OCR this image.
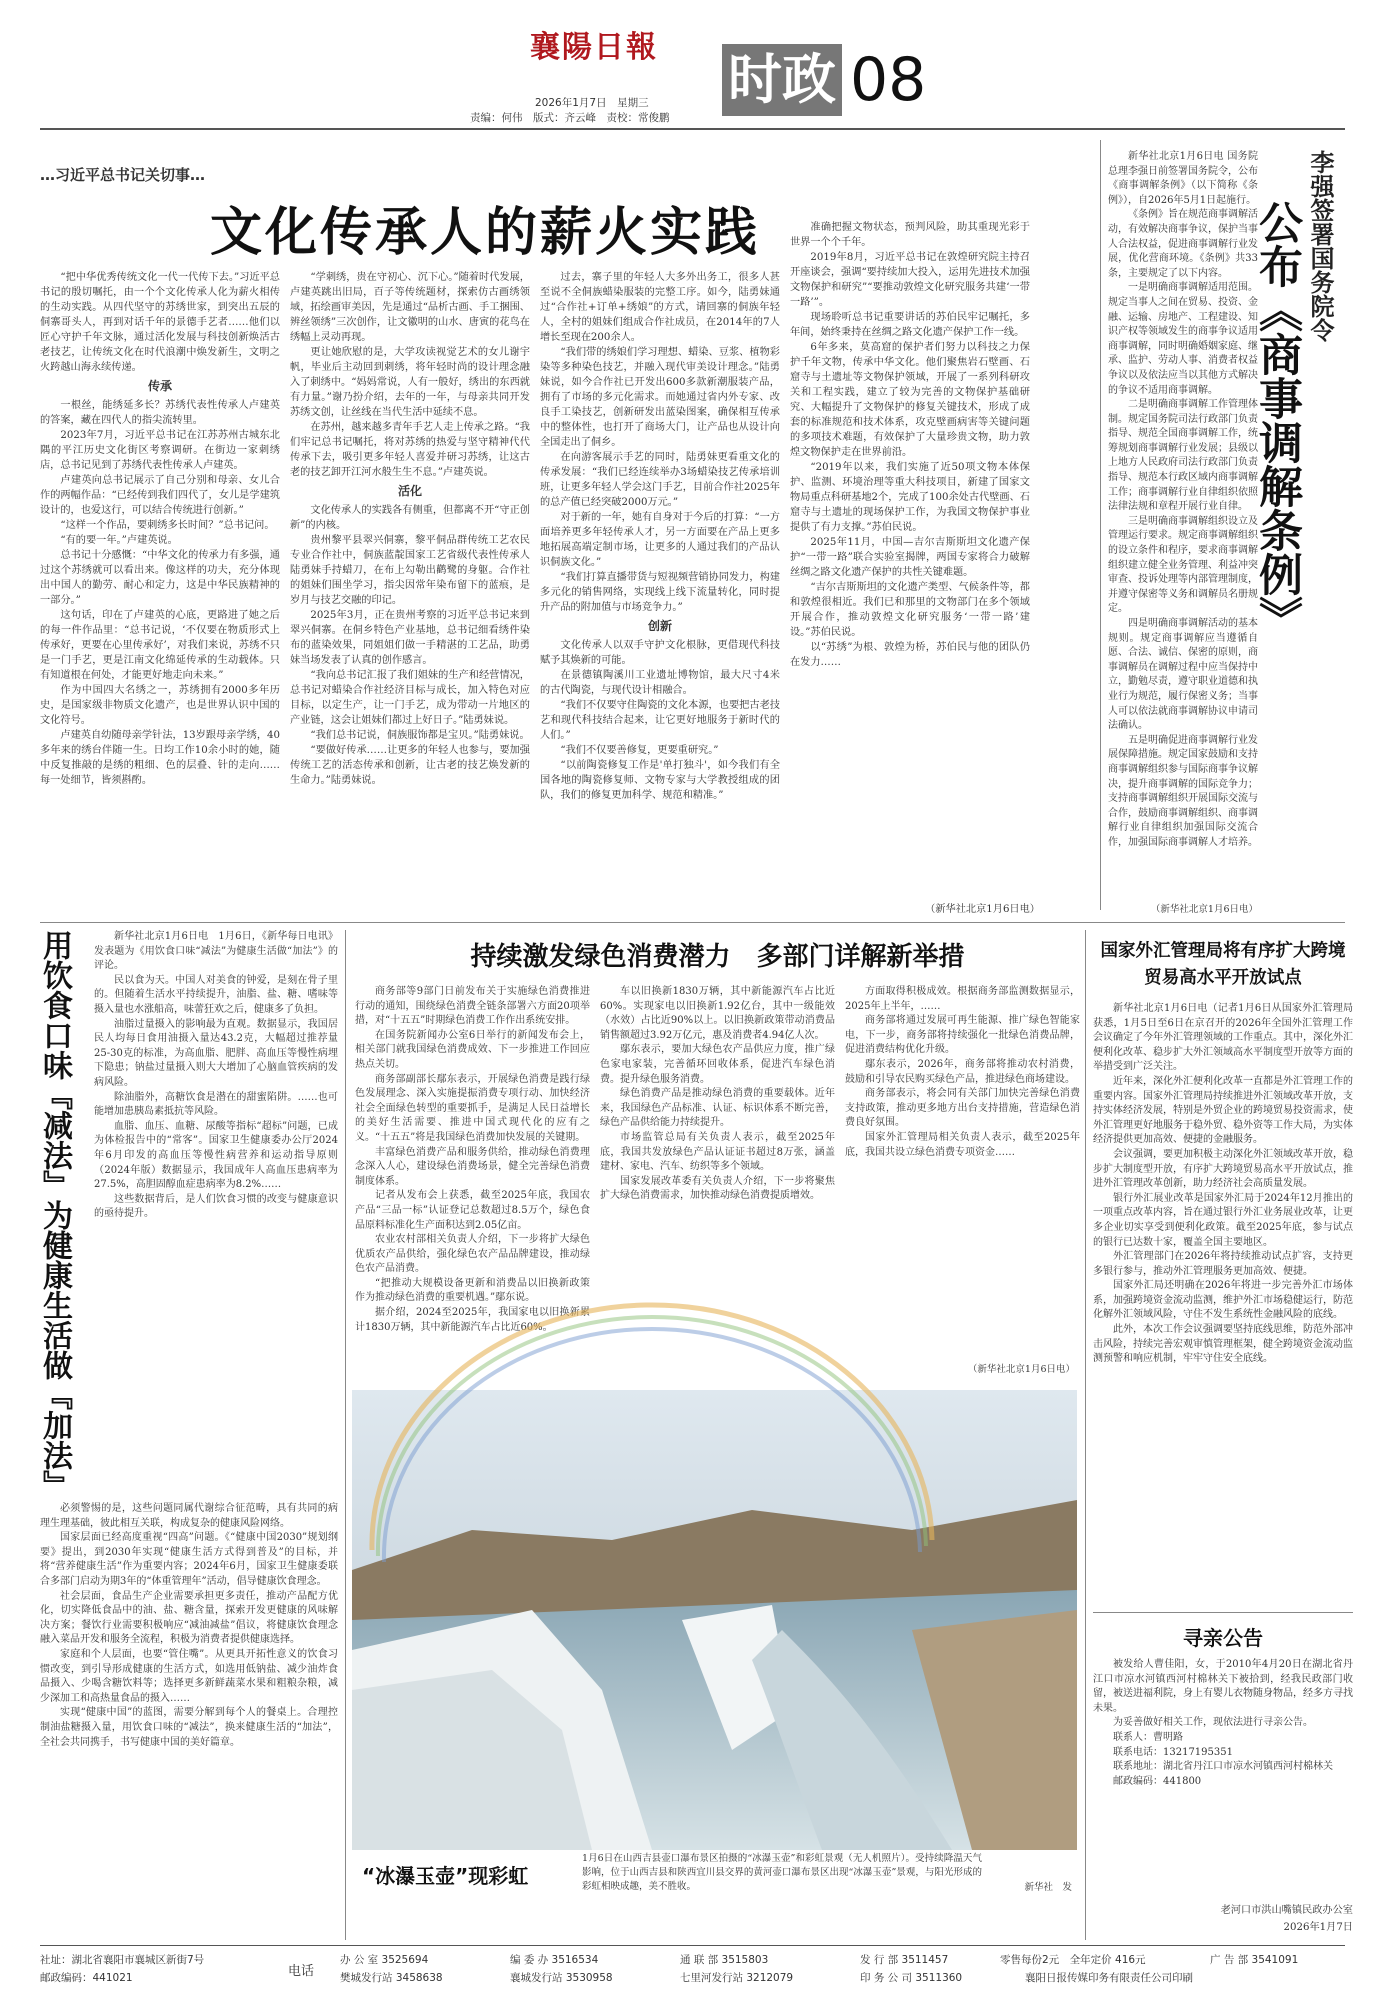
襄陽日報
2026年1月7日　星期三
责编：何伟　版式：齐云峰　责校：常俊鹏
时政 08
…习近平总书记关切事…
文化传承人的薪火实践

“把中华优秀传统文化一代一代传下去。”习近平总书记的殷切嘱托，由一个个文化传承人化为薪火相传的生动实践。从四代坚守的苏绣世家，到突出五辰的侗寨哥头人，再到对话千年的景德手艺者……他们以匠心守护千年文脉，通过活化发展与科技创新焕活古老技艺，让传统文化在时代浪潮中焕发新生，文明之火跨越山海永续传递。

传承

一根丝，能绣延多长？苏绣代表性传承人卢建英的答案，藏在四代人的指尖流转里。

2023年7月，习近平总书记在江苏苏州古城东北隅的平江历史文化街区考察调研。在街边一家刺绣店，总书记见到了苏绣代表性传承人卢建英。

卢建英向总书记展示了自己分别和母亲、女儿合作的两幅作品：“已经传到我们四代了，女儿是学建筑设计的，也爱这行，可以结合传统进行创新。”

“这样一个作品，要刺绣多长时间？”总书记问。

“有的要一年。”卢建英说。

总书记十分感慨：“中华文化的传承力有多强，通过这个苏绣就可以看出来。像这样的功夫，充分体现出中国人的勤劳、耐心和定力，这是中华民族精神的一部分。”

这句话，印在了卢建英的心底，更路进了她之后的每一件作品里：“总书记说，‘不仅要在物质形式上传承好，更要在心里传承好’，对我们来说，苏绣不只是一门手艺，更是江南文化绵延传承的生动载体。只有知道根在何处，才能更好地走向未来。”

作为中国四大名绣之一，苏绣拥有2000多年历史，是国家级非物质文化遗产，也是世界认识中国的文化符号。

卢建英自幼随母亲学针法，13岁跟母亲学绣，40多年来的绣台伴随一生。日均工作10余小时的她，随中反复推敲的是绣的粗细、色的层叠、针的走向……每一处细节，皆须斟酌。

“学刺绣，贵在守初心、沉下心。”随着时代发展，卢建英跳出旧局，百子等传统题材，探索仿古画绣领域，拓绘画审美因，先是通过“品析古画、手工捆围、辨丝领绣”三次创作，让文徽明的山水、唐寅的花鸟在绣幅上灵动再现。

更让她欣慰的是，大学攻读视觉艺术的女儿谢宇帆，毕业后主动回到刺绣，将年轻时尚的设计理念融入了刺绣中。“妈妈常说，人有一般好，绣出的东西就有力量。”谢乃扮介绍，去年的一年，与母亲共同开发苏绣文创，让丝线在当代生活中延续不息。

在苏州，越来越多青年手艺人走上传承之路。“我们牢记总书记嘱托，将对苏绣的热爱与坚守精神代代传承下去，吸引更多年轻人喜爱并研习苏绣，让这古老的技艺卸开江河水般生生不息。”卢建英说。

活化

文化传承人的实践各有侧重，但都离不开“守正创新”的内核。

贵州黎平县翠兴侗寨，黎平侗品群传统工艺农民专业合作社中，侗族蓝靛国家工艺省级代表性传承人陆勇妹手持蜡刀，在布上勾勒出鹳鹭的身躯。合作社的姐妹们围坐学习，指尖因常年染布留下的蓝痕，是岁月与技艺交融的印记。

2025年3月，正在贵州考察的习近平总书记来到翠兴侗寨。在侗乡特色产业基地，总书记细看绣件染布的蓝染效果，同姐姐们做一手精湛的工艺品，助勇妹当场发表了认真的创作感言。

“我向总书记汇报了我们姐妹的生产和经营情况，总书记对蜡染合作社经济目标与成长，加入特色对应目标，以定生产，让一门手艺，成为带动一片地区的产业链，这会让姐妹们都过上好日子。”陆勇妹说。

“我们总书记说，侗族服饰都是宝贝。”陆勇妹说。

“要做好传承……让更多的年轻人也参与，要加强传统工艺的活态传承和创新，让古老的技艺焕发新的生命力。”陆勇妹说。

过去，寨子里的年轻人大多外出务工，很多人甚至说不全侗族蜡染服装的完整工序。如今，陆勇妹通过“合作社+订单+绣娘”的方式，请回寨的侗族年轻人，全村的姐妹们组成合作社成员，在2014年的7人增长至现在200余人。

“我们带的绣娘们学习理想、蜡染、豆浆、植物彩染等多种染色技艺，并融入现代审美设计理念。”陆勇妹说，如今合作社已开发出600多款新潮服装产品，拥有了市场的多元化需求。而她通过省内外专家、改良手工染技艺，创新研发出蓝染图案，确保相互传承中的整体性，也打开了商场大门，让产品也从设计向全国走出了侗乡。

在向游客展示手艺的同时，陆勇妹更看重文化的传承发展：“我们已经连续举办3场蜡染技艺传承培训班，让更多年轻人学会这门手艺，目前合作社2025年的总产值已经突破2000万元。”

对于新的一年，她有自身对于今后的打算：“一方面培养更多年轻传承人才，另一方面要在产品上更多地拓展高端定制市场，让更多的人通过我们的产品认识侗族文化。”

“我们打算直播带货与短视频营销协同发力，构建多元化的销售网络，实现线上线下流量转化，同时提升产品的附加值与市场竞争力。”

创新

文化传承人以双手守护文化根脉，更借现代科技赋予其焕新的可能。

在景德镇陶溪川工业遗址博物馆，最大尺寸4米的古代陶瓷，与现代设计相融合。

“我们不仅要守住陶瓷的文化本源，也要把古老技艺和现代科技结合起来，让它更好地服务于新时代的人们。”

“我们不仅要善修复，更要重研究。”

“以前陶瓷修复工作是'单打独斗'，如今我们有全国各地的陶瓷修复师、文物专家与大学教授组成的团队，我们的修复更加科学、规范和精准。”

准确把握文物状态，预判风险，助其重现光彩于世界一个个千年。

2019年8月，习近平总书记在敦煌研究院主持召开座谈会，强调“要持续加大投入，运用先进技术加强文物保护和研究”“要推动敦煌文化研究服务共建‘一带一路’”。

现场聆听总书记重要讲话的苏伯民牢记嘱托，多年间，始终秉持在丝绸之路文化遗产保护工作一线。

6年多来，莫高窟的保护者们努力以科技之力保护千年文物，传承中华文化。他们聚焦岩石壁画、石窟寺与土遗址等文物保护领域，开展了一系列科研攻关和工程实践，建立了较为完善的文物保护基础研究、大幅提升了文物保护的修复关键技术，形成了成套的标准规范和技术体系，攻克壁画病害等关键问题的多项技术难题，有效保护了大量珍贵文物，助力敦煌文物保护走在世界前沿。

“2019年以来，我们实施了近50项文物本体保护、监测、环境治理等重大科技项目，新建了国家文物局重点科研基地2个，完成了100余处古代壁画、石窟寺与土遗址的现场保护工作，为我国文物保护事业提供了有力支撑。”苏伯民说。

2025年11月，中国—吉尔吉斯斯坦文化遗产保护“一带一路”联合实验室揭牌，两国专家将合力破解丝绸之路文化遗产保护的共性关键难题。

“吉尔吉斯斯坦的文化遗产类型、气候条件等，都和敦煌很相近。我们已和那里的文物部门在多个领域开展合作，推动敦煌文化研究服务‘一带一路’建设。”苏伯民说。

以“苏绣”为根、敦煌为桥，苏伯民与他的团队仍在发力……

（新华社北京1月6日电）

新华社北京1月6日电 国务院总理李强日前签署国务院令，公布《商事调解条例》（以下简称《条例》），自2026年5月1日起施行。

《条例》旨在规范商事调解活动，有效解决商事争议，保护当事人合法权益，促进商事调解行业发展，优化营商环境。《条例》共33条，主要规定了以下内容。

一是明确商事调解适用范围。规定当事人之间在贸易、投资、金融、运输、房地产、工程建设、知识产权等领域发生的商事争议适用商事调解，同时明确婚姻家庭、继承、监护、劳动人事、消费者权益争议以及依法应当以其他方式解决的争议不适用商事调解。

二是明确商事调解工作管理体制。规定国务院司法行政部门负责指导、规范全国商事调解工作，统筹规划商事调解行业发展；县级以上地方人民政府司法行政部门负责指导、规范本行政区域内商事调解工作；商事调解行业自律组织依照法律法规和章程开展行业自律。

三是明确商事调解组织设立及管理运行要求。规定商事调解组织的设立条件和程序，要求商事调解组织建立健全业务管理、利益冲突审查、投诉处理等内部管理制度，并遵守保密等义务和调解员名册规定。

四是明确商事调解活动的基本规则。规定商事调解应当遵循自愿、合法、诚信、保密的原则，商事调解员在调解过程中应当保持中立，勤勉尽责，遵守职业道德和执业行为规范，履行保密义务；当事人可以依法就商事调解协议申请司法确认。

五是明确促进商事调解行业发展保障措施。规定国家鼓励和支持商事调解组织参与国际商事争议解决，提升商事调解的国际竞争力；支持商事调解组织开展国际交流与合作，鼓励商事调解组织、商事调解行业自律组织加强国际交流合作，加强国际商事调解人才培养。

李强签署国务院令
公布《商事调解条例》
（新华社北京1月6日电）
用饮食口味『减法』为健康生活做『加法』	新华社北京1月6日电　1月6日，《新华每日电讯》发表题为《用饮食口味“减法”为健康生活做“加法”》的评论。

民以食为天。中国人对美食的钟爱，是刻在骨子里的。但随着生活水平持续提升，油脂、盐、糖、嗜味等摄入量也水涨船高，味蕾狂欢之后，健康多了负担。

油脂过量摄入的影响最为直观。数据显示，我国居民人均每日食用油摄入量达43.2克，大幅超过推荐量25-30克的标准，为高血脂、肥胖、高血压等慢性病埋下隐患；钠盐过量摄入则大大增加了心脑血管疾病的发病风险。

除油脂外，高糖饮食是潜在的甜蜜陷阱。……也可能增加患胰岛素抵抗等风险。

血脂、血压、血糖、尿酸等指标“超标”问题，已成为体检报告中的“常客”。国家卫生健康委办公厅2024年6月印发的高血压等慢性病营养和运动指导原则（2024年版）数据显示，我国成年人高血压患病率为27.5%，高胆固醇血症患病率为8.2%……

这些数据背后，是人们饮食习惯的改变与健康意识的亟待提升。

必须警惕的是，这些问题同属代谢综合征范畴，具有共同的病理生理基础，彼此相互关联，构成复杂的健康风险网络。

国家层面已经高度重视“四高”问题。《“健康中国2030”规划纲要》提出，到2030年实现“健康生活方式得到普及”的目标，并将“营养健康生活”作为重要内容；2024年6月，国家卫生健康委联合多部门启动为期3年的“体重管理年”活动，倡导健康饮食理念。

社会层面，食品生产企业需要承担更多责任，推动产品配方优化，切实降低食品中的油、盐、糖含量，探索开发更健康的风味解决方案；餐饮行业需要积极响应“减油减盐”倡议，将健康饮食理念融入菜品开发和服务全流程，积极为消费者提供健康选择。

家庭和个人层面，也要“管住嘴”。从更具开拓性意义的饮食习惯改变，到引导形成健康的生活方式，如选用低钠盐、减少油炸食品摄入、少喝含糖饮料等；选择更多新鲜蔬菜水果和粗粮杂粮，减少深加工和高热量食品的摄入……

实现“健康中国”的蓝图，需要分解到每个人的餐桌上。合理控制油盐糖摄入量，用饮食口味的“减法”，换来健康生活的“加法”，全社会共同携手，书写健康中国的美好篇章。

持续激发绿色消费潜力　多部门详解新举措

商务部等9部门日前发布关于实施绿色消费推进行动的通知，围绕绿色消费全链条部署六方面20项举措，对“十五五”时期绿色消费工作作出系统安排。

在国务院新闻办公室6日举行的新闻发布会上，相关部门就我国绿色消费成效、下一步推进工作回应热点关切。

商务部副部长鄢东表示，开展绿色消费是践行绿色发展理念、深入实施提振消费专项行动、加快经济社会全面绿色转型的重要抓手，是满足人民日益增长的美好生活需要、推进中国式现代化的应有之义。“十五五”将是我国绿色消费加快发展的关键期。

丰富绿色消费产品和服务供给，推动绿色消费理念深入人心，建设绿色消费场景，健全完善绿色消费制度体系。

记者从发布会上获悉，截至2025年底，我国农产品“三品一标”认证登记总数超过8.5万个，绿色食品原料标准化生产面积达到2.05亿亩。

农业农村部相关负责人介绍，下一步将扩大绿色优质农产品供给，强化绿色农产品品牌建设，推动绿色农产品消费。

“把推动大规模设备更新和消费品以旧换新政策作为推动绿色消费的重要机遇。”鄢东说。

据介绍，2024至2025年，我国家电以旧换新累计1830万辆，其中新能源汽车占比近60%。

车以旧换新1830万辆，其中新能源汽车占比近60%。实现家电以旧换新1.92亿台，其中一级能效（水效）占比近90%以上。以旧换新政策带动消费品销售额超过3.92万亿元，惠及消费者4.94亿人次。

鄢东表示，要加大绿色农产品供应力度，推广绿色家电家装，完善循环回收体系，促进汽车绿色消费。提升绿色服务消费。

绿色消费产品是推动绿色消费的重要载体。近年来，我国绿色产品标准、认证、标识体系不断完善，绿色产品供给能力持续提升。

市场监管总局有关负责人表示，截至2025年底，我国共发放绿色产品认证证书超过8万张，涵盖建材、家电、汽车、纺织等多个领域。

国家发展改革委有关负责人介绍，下一步将聚焦扩大绿色消费需求，加快推动绿色消费提质增效。

方面取得积极成效。根据商务部监测数据显示，2025年上半年，……

商务部将通过发展可再生能源、推广绿色智能家电，下一步，商务部将持续强化一批绿色消费品牌，促进消费结构优化升级。

鄢东表示，2026年，商务部将推动农村消费，鼓励和引导农民购买绿色产品，推进绿色商场建设。

商务部表示，将会同有关部门加快完善绿色消费支持政策，推动更多地方出台支持措施，营造绿色消费良好氛围。

国家外汇管理局相关负责人表示，截至2025年底，我国共设立绿色消费专项资金……

（新华社北京1月6日电）
“冰瀑玉壶”现彩虹
1月6日在山西吉县壶口瀑布景区拍摄的“冰瀑玉壶”和彩虹景观（无人机照片）。受持续降温天气影响，位于山西吉县和陕西宜川县交界的黄河壶口瀑布景区出现“冰瀑玉壶”景观，与阳光形成的彩虹相映成趣，美不胜收。	新华社　发
国家外汇管理局将有序扩大跨境贸易高水平开放试点

新华社北京1月6日电（记者1月6日从国家外汇管理局获悉，1月5日至6日在京召开的2026年全国外汇管理工作会议确定了今年外汇管理领域的工作重点。其中，深化外汇便利化改革、稳步扩大外汇领域高水平制度型开放等方面的举措受到广泛关注。

近年来，深化外汇便利化改革一直都是外汇管理工作的重要内容。国家外汇管理局持续推进外汇领域改革开放，支持实体经济发展，特别是外贸企业的跨境贸易投资需求，使外汇管理更好地服务于稳外贸、稳外资等工作大局，为实体经济提供更加高效、便捷的金融服务。

会议强调，要更加积极主动深化外汇领域改革开放，稳步扩大制度型开放，有序扩大跨境贸易高水平开放试点，推进外汇管理改革创新，助力经济社会高质量发展。

银行外汇展业改革是国家外汇局于2024年12月推出的一项重点改革内容，旨在通过银行外汇业务展业改革，让更多企业切实享受到便利化政策。截至2025年底，参与试点的银行已达数十家，覆盖全国主要地区。

外汇管理部门在2026年将持续推动试点扩容，支持更多银行参与，推动外汇管理服务更加高效、便捷。

国家外汇局还明确在2026年将进一步完善外汇市场体系，加强跨境资金流动监测，维护外汇市场稳健运行，防范化解外汇领域风险，守住不发生系统性金融风险的底线。

此外，本次工作会议强调要坚持底线思维，防范外部冲击风险，持续完善宏观审慎管理框架，健全跨境资金流动监测预警和响应机制，牢牢守住安全底线。

寻亲公告

被发给人曹佳阳，女，于2010年4月20日在湖北省丹江口市凉水河镇西河村棉林关下被拾到，经我民政部门收留，被送进福利院，身上有婴儿衣物随身物品，经多方寻找未果。

为妥善做好相关工作，现依法进行寻亲公告。

联系人：曹明路

联系电话：13217195351

联系地址：湖北省丹江口市凉水河镇西河村棉林关

邮政编码：441800

老河口市洪山嘴镇民政办公室
2026年1月7日
社址：湖北省襄阳市襄城区新街7号
邮政编码：441021	电话
办 公 室 3525694
樊城发行站 3458638
编 委 办 3516534
襄城发行站 3530958
通 联 部 3515803
七里河发行站 3212079
发 行 部 3511457
印 务 公 司 3511360
零售每份2元　全年定价 416元
襄阳日报传媒印务有限责任公司印刷
广 告 部 3541091
